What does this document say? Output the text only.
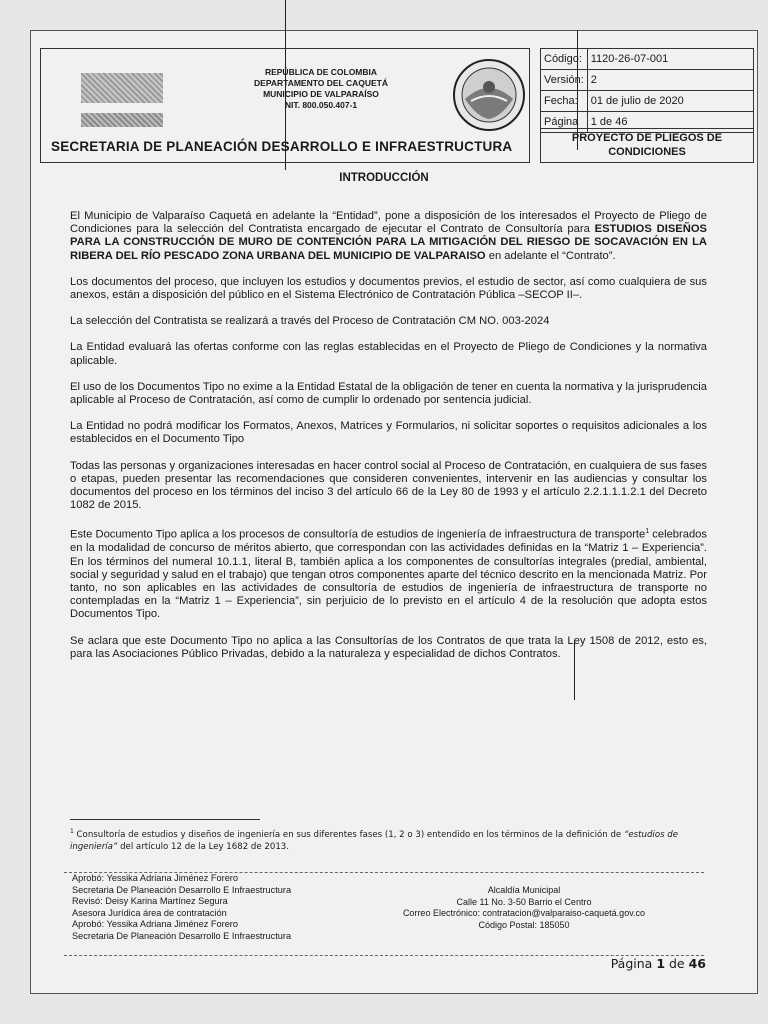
REPÚBLICA DE COLOMBIA
DEPARTAMENTO DEL CAQUETÁ
MUNICIPIO DE VALPARAÍSO
NIT. 800.050.407-1
SECRETARIA DE PLANEACIÓN DESARROLLO E INFRAESTRUCTURA
Código:	1120-26-07-001
Versión:	2
Fecha:	01 de julio de 2020
Página	1 de 46
PROYECTO DE PLIEGOS DE CONDICIONES
INTRODUCCIÓN

El Municipio de Valparaíso Caquetá en adelante la “Entidad”, pone a disposición de los interesados el Proyecto de Pliego de Condiciones para la selección del Contratista encargado de ejecutar el Contrato de Consultoría para ESTUDIOS DISEÑOS PARA LA CONSTRUCCIÓN DE MURO DE CONTENCIÓN PARA LA MITIGACIÓN DEL RIESGO DE SOCAVACIÓN EN LA RIBERA DEL RÍO PESCADO ZONA URBANA DEL MUNICIPIO DE VALPARAISO en adelante el “Contrato”.

Los documentos del proceso, que incluyen los estudios y documentos previos, el estudio de sector, así como cualquiera de sus anexos, están a disposición del público en el Sistema Electrónico de Contratación Pública –SECOP II–.

La selección del Contratista se realizará a través del Proceso de Contratación CM NO. 003-2024

La Entidad evaluará las ofertas conforme con las reglas establecidas en el Proyecto de Pliego de Condiciones y la normativa aplicable.

El uso de los Documentos Tipo no exime a la Entidad Estatal de la obligación de tener en cuenta la normativa y la jurisprudencia aplicable al Proceso de Contratación, así como de cumplir lo ordenado por sentencia judicial.

La Entidad no podrá modificar los Formatos, Anexos, Matrices y Formularios, ni solicitar soportes o requisitos adicionales a los establecidos en el Documento Tipo

Todas las personas y organizaciones interesadas en hacer control social al Proceso de Contratación, en cualquiera de sus fases o etapas, pueden presentar las recomendaciones que consideren convenientes, intervenir en las audiencias y consultar los documentos del proceso en los términos del inciso 3 del artículo 66 de la Ley 80 de 1993 y el artículo 2.2.1.1.1.2.1 del Decreto 1082 de 2015.

Este Documento Tipo aplica a los procesos de consultoría de estudios de ingeniería de infraestructura de transporte$^1$ celebrados en la modalidad de concurso de méritos abierto, que correspondan con las actividades definidas en la “Matriz 1 – Experiencia”. En los términos del numeral 10.1.1, literal B, también aplica a los componentes de consultorías integrales (predial, ambiental, social y seguridad y salud en el trabajo) que tengan otros componentes aparte del técnico descrito en la mencionada Matriz. Por tanto, no son aplicables en las actividades de consultoría de estudios de ingeniería de infraestructura de transporte no contempladas en la “Matriz 1 – Experiencia”, sin perjuicio de lo previsto en el artículo 4 de la resolución que adopta estos Documentos Tipo.

Se aclara que este Documento Tipo no aplica a las Consultorías de los Contratos de que trata la Ley 1508 de 2012, esto es, para las Asociaciones Público Privadas, debido a la naturaleza y especialidad de dichos Contratos.

$^1$ Consultoría de estudios y diseños de ingeniería en sus diferentes fases (1, 2 o 3) entendido en los términos de la definición de “estudios de ingeniería” del artículo 12 de la Ley 1682 de 2013.
Aprobó: Yessika Adriana Jiménez Forero
Secretaria De Planeación Desarrollo E Infraestructura
Revisó: Deisy Karina Martínez Segura
Asesora Jurídica área de contratación
Aprobó: Yessika Adriana Jiménez Forero
Secretaria De Planeación Desarrollo E Infraestructura
Alcaldía Municipal
Calle 11 No. 3-50 Barrio el Centro
Correo Electrónico: contratacion@valparaiso-caquetá.gov.co
Código Postal: 185050
Página 1 de 46
